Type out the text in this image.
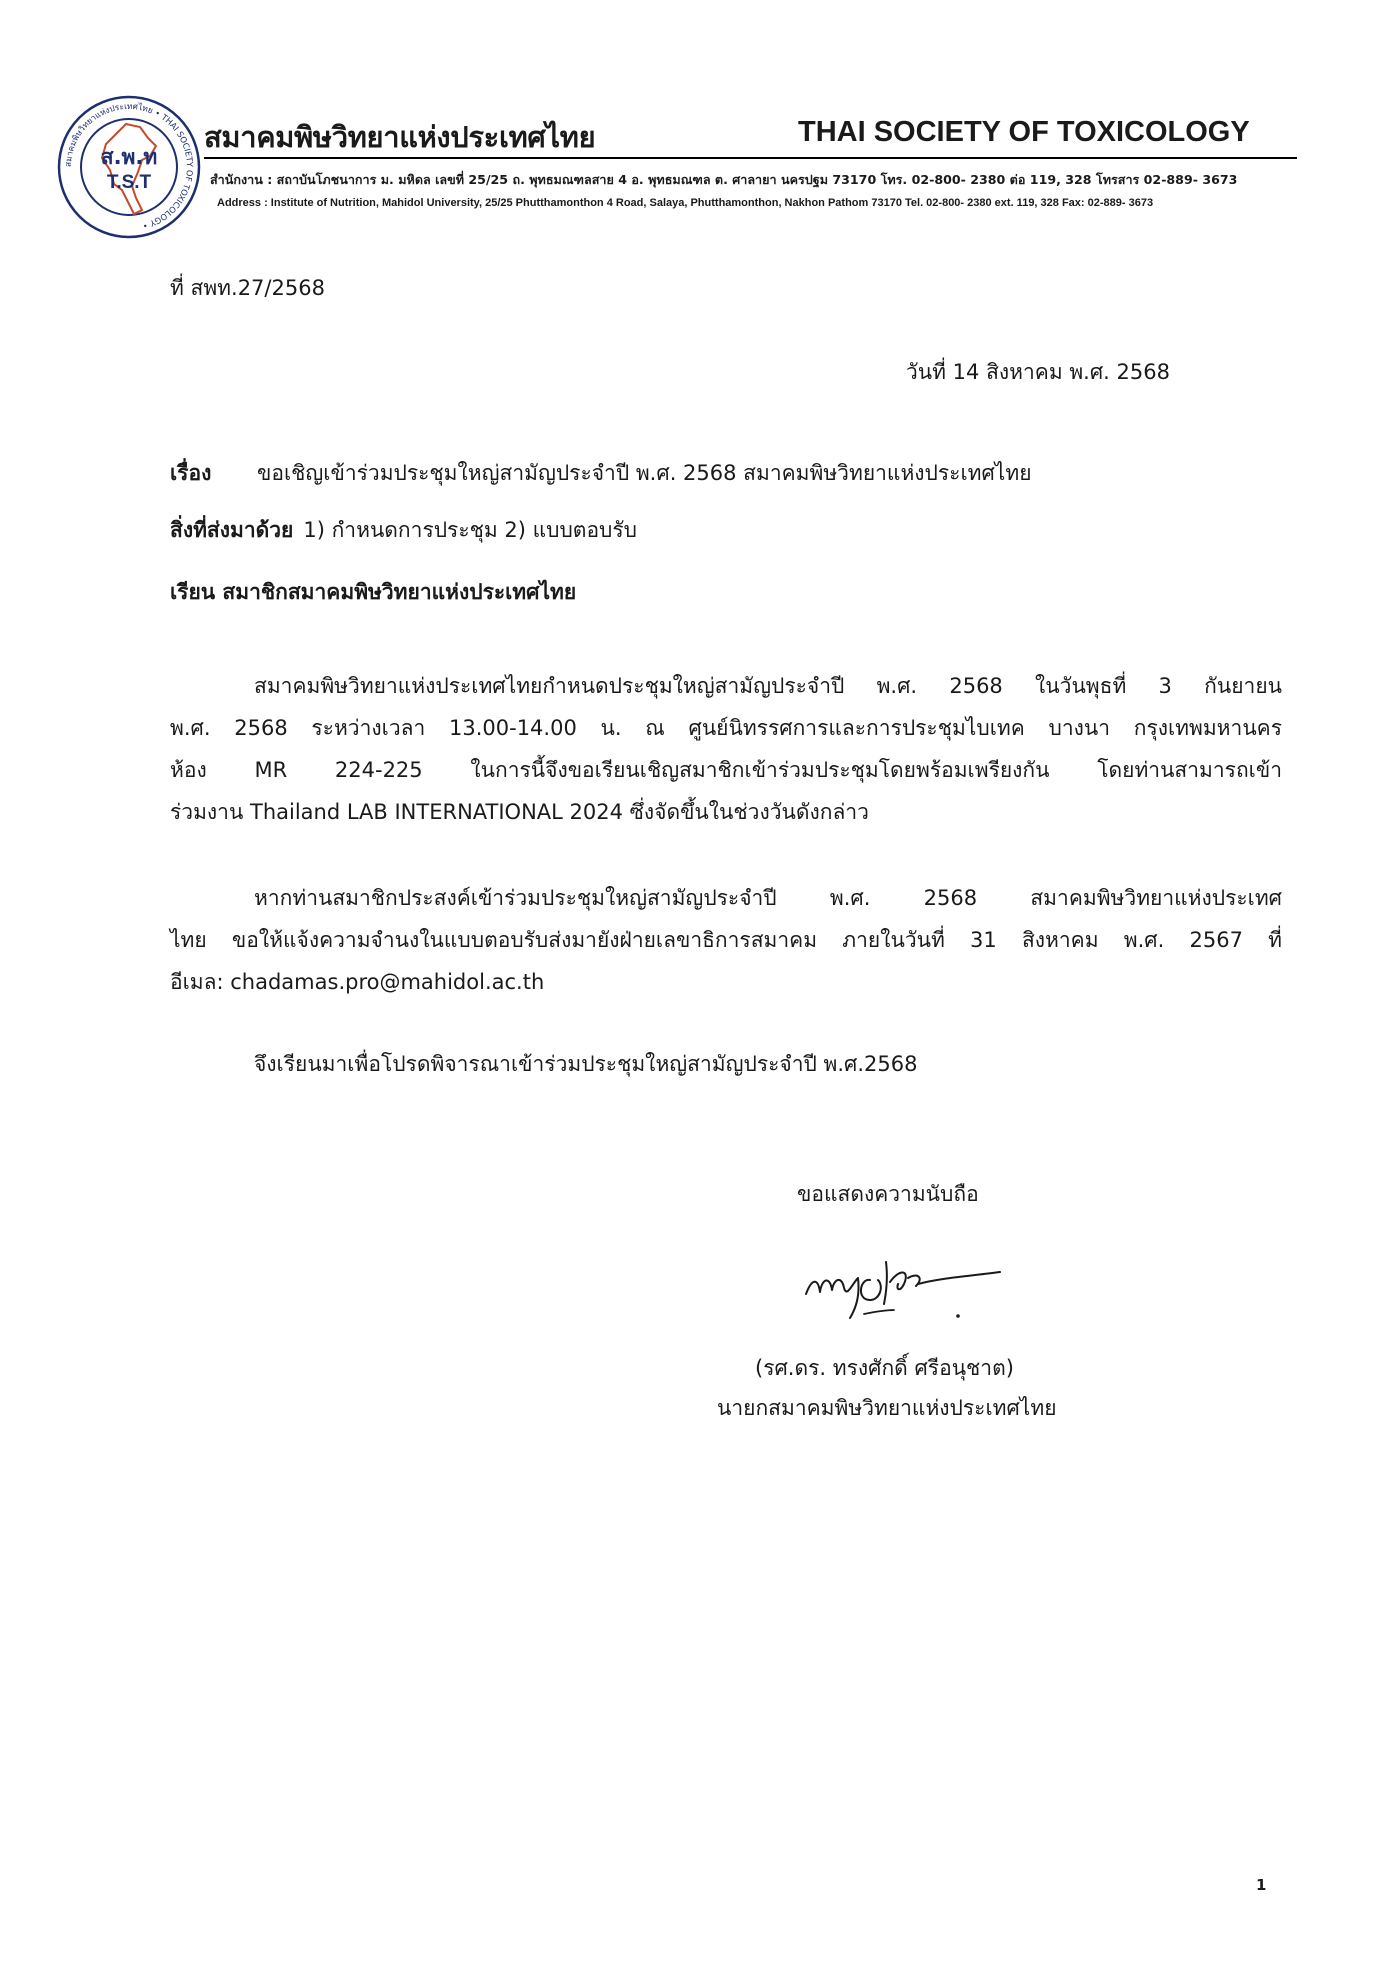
สมาคมพิษวิทยาแห่งประเทศไทย • THAI SOCIETY OF TOXICOLOGY •
ส.พ.ท
T.S.T
สมาคมพิษวิทยาแห่งประเทศไทย	THAI SOCIETY OF TOXICOLOGY
สำนักงาน : สถาบันโภชนาการ ม. มหิดล เลขที่ 25/25 ถ. พุทธมณฑลสาย 4 อ. พุทธมณฑล ต. ศาลายา นครปฐม 73170 โทร. 02-800- 2380 ต่อ 119, 328 โทรสาร 02-889- 3673
Address : Institute of Nutrition, Mahidol University, 25/25 Phutthamonthon 4 Road, Salaya, Phutthamonthon, Nakhon Pathom 73170 Tel. 02-800- 2380 ext. 119, 328 Fax: 02-889- 3673
ที่ สพท.27/2568
วันที่ 14 สิงหาคม พ.ศ. 2568
เรื่อง ขอเชิญเข้าร่วมประชุมใหญ่สามัญประจำปี พ.ศ. 2568 สมาคมพิษวิทยาแห่งประเทศไทย
สิ่งที่ส่งมาด้วย 1) กำหนดการประชุม 2) แบบตอบรับ
เรียน สมาชิกสมาคมพิษวิทยาแห่งประเทศไทย
สมาคมพิษวิทยาแห่งประเทศไทยกำหนดประชุมใหญ่สามัญประจำปี พ.ศ. 2568 ในวันพุธที่ 3 กันยายน
พ.ศ. 2568 ระหว่างเวลา 13.00-14.00 น. ณ ศูนย์นิทรรศการและการประชุมไบเทค บางนา กรุงเทพมหานคร
ห้อง MR 224-225 ในการนี้จึงขอเรียนเชิญสมาชิกเข้าร่วมประชุมโดยพร้อมเพรียงกัน โดยท่านสามารถเข้า
ร่วมงาน Thailand LAB INTERNATIONAL 2024 ซึ่งจัดขึ้นในช่วงวันดังกล่าว
หากท่านสมาชิกประสงค์เข้าร่วมประชุมใหญ่สามัญประจำปี พ.ศ. 2568 สมาคมพิษวิทยาแห่งประเทศ
ไทย ขอให้แจ้งความจำนงในแบบตอบรับส่งมายังฝ่ายเลขาธิการสมาคม ภายในวันที่ 31 สิงหาคม พ.ศ. 2567 ที่
อีเมล: chadamas.pro@mahidol.ac.th
จึงเรียนมาเพื่อโปรดพิจารณาเข้าร่วมประชุมใหญ่สามัญประจำปี พ.ศ.2568
ขอแสดงความนับถือ
(รศ.ดร. ทรงศักดิ์ ศรีอนุชาต)
นายกสมาคมพิษวิทยาแห่งประเทศไทย
1
